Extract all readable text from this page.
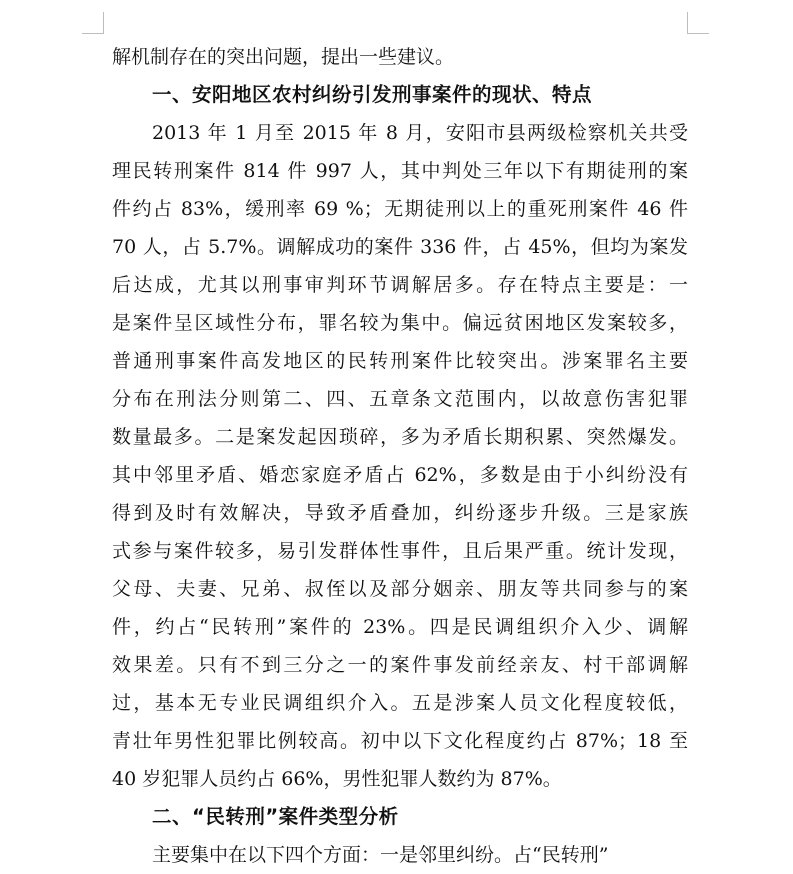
解机制存在的突出问题，提出一些建议。
一、安阳地区农村纠纷引发刑事案件的现状、特点
2013 年 1 月至 2015 年 8 月，安阳市县两级检察机关共受
理民转刑案件 814 件 997 人，其中判处三年以下有期徒刑的案
件约占 83%，缓刑率 69 %；无期徒刑以上的重死刑案件 46 件
70 人，占 5.7%。调解成功的案件 336 件，占 45%，但均为案发
后达成，尤其以刑事审判环节调解居多。存在特点主要是：一
是案件呈区域性分布，罪名较为集中。偏远贫困地区发案较多，
普通刑事案件高发地区的民转刑案件比较突出。涉案罪名主要
分布在刑法分则第二、四、五章条文范围内，以故意伤害犯罪
数量最多。二是案发起因琐碎，多为矛盾长期积累、突然爆发。
其中邻里矛盾、婚恋家庭矛盾占 62%，多数是由于小纠纷没有
得到及时有效解决，导致矛盾叠加，纠纷逐步升级。三是家族
式参与案件较多，易引发群体性事件，且后果严重。统计发现，
父母、夫妻、兄弟、叔侄以及部分姻亲、朋友等共同参与的案
件，约占“民转刑”案件的 23%。四是民调组织介入少、调解
效果差。只有不到三分之一的案件事发前经亲友、村干部调解
过，基本无专业民调组织介入。五是涉案人员文化程度较低，
青壮年男性犯罪比例较高。初中以下文化程度约占 87%；18 至
40 岁犯罪人员约占 66%，男性犯罪人数约为 87%。
二、“民转刑”案件类型分析
主要集中在以下四个方面：一是邻里纠纷。占“民转刑”
